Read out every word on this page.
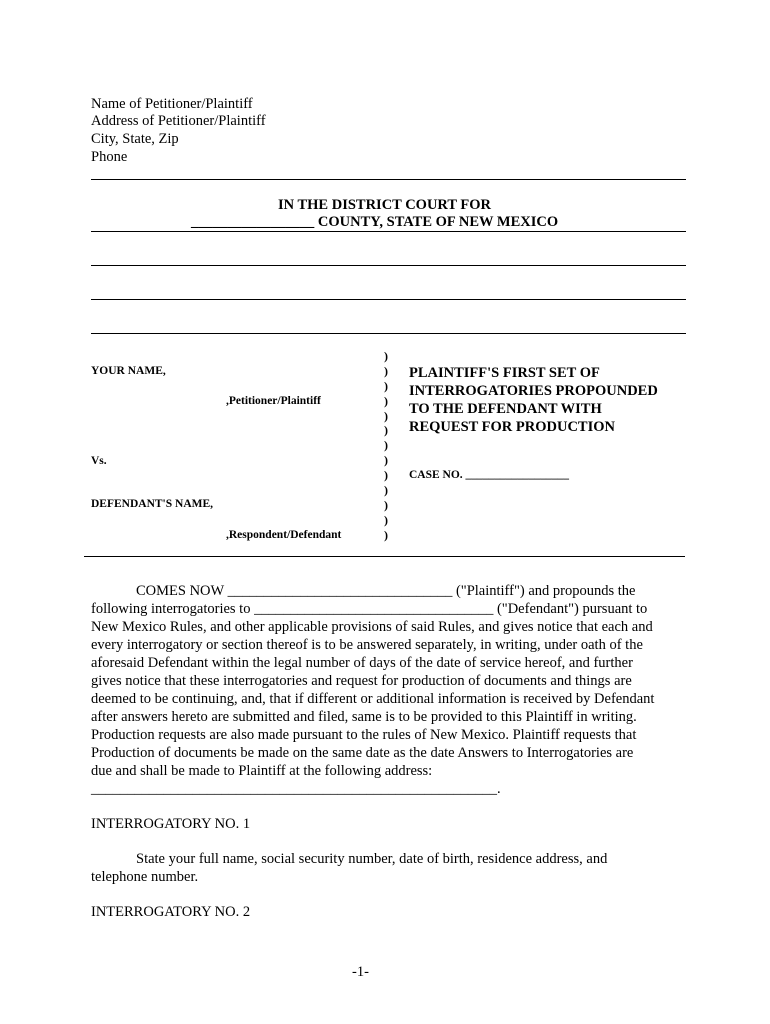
Name of Petitioner/Plaintiff
Address of Petitioner/Plaintiff
City, State, Zip
Phone
IN THE DISTRICT COURT FOR
_________________ COUNTY, STATE OF NEW MEXICO
YOUR NAME,
,Petitioner/Plaintiff
Vs.
DEFENDANT'S NAME,
,Respondent/Defendant
)
)
)
)
)
)
)
)
)
)
)
)
)
PLAINTIFF'S FIRST SET OF
INTERROGATORIES PROPOUNDED
TO THE DEFENDANT WITH
REQUEST FOR PRODUCTION
CASE NO. __________________
COMES NOW _______________________________ ("Plaintiff") and propounds the
following interrogatories to _________________________________ ("Defendant") pursuant to
New Mexico Rules, and other applicable provisions of said Rules, and gives notice that each and
every interrogatory or section thereof is to be answered separately, in writing, under oath of the
aforesaid Defendant within the legal number of days of the date of service hereof, and further
gives notice that these interrogatories and request for production of documents and things are
deemed to be continuing, and, that if different or additional information is received by Defendant
after answers hereto are submitted and filed, same is to be provided to this Plaintiff in writing.
Production requests are also made pursuant to the rules of New Mexico. Plaintiff requests that
Production of documents be made on the same date as the date Answers to Interrogatories are
due and shall be made to Plaintiff at the following address:
________________________________________________________.
INTERROGATORY NO. 1
State your full name, social security number, date of birth, residence address, and
telephone number.
INTERROGATORY NO. 2
-1-
